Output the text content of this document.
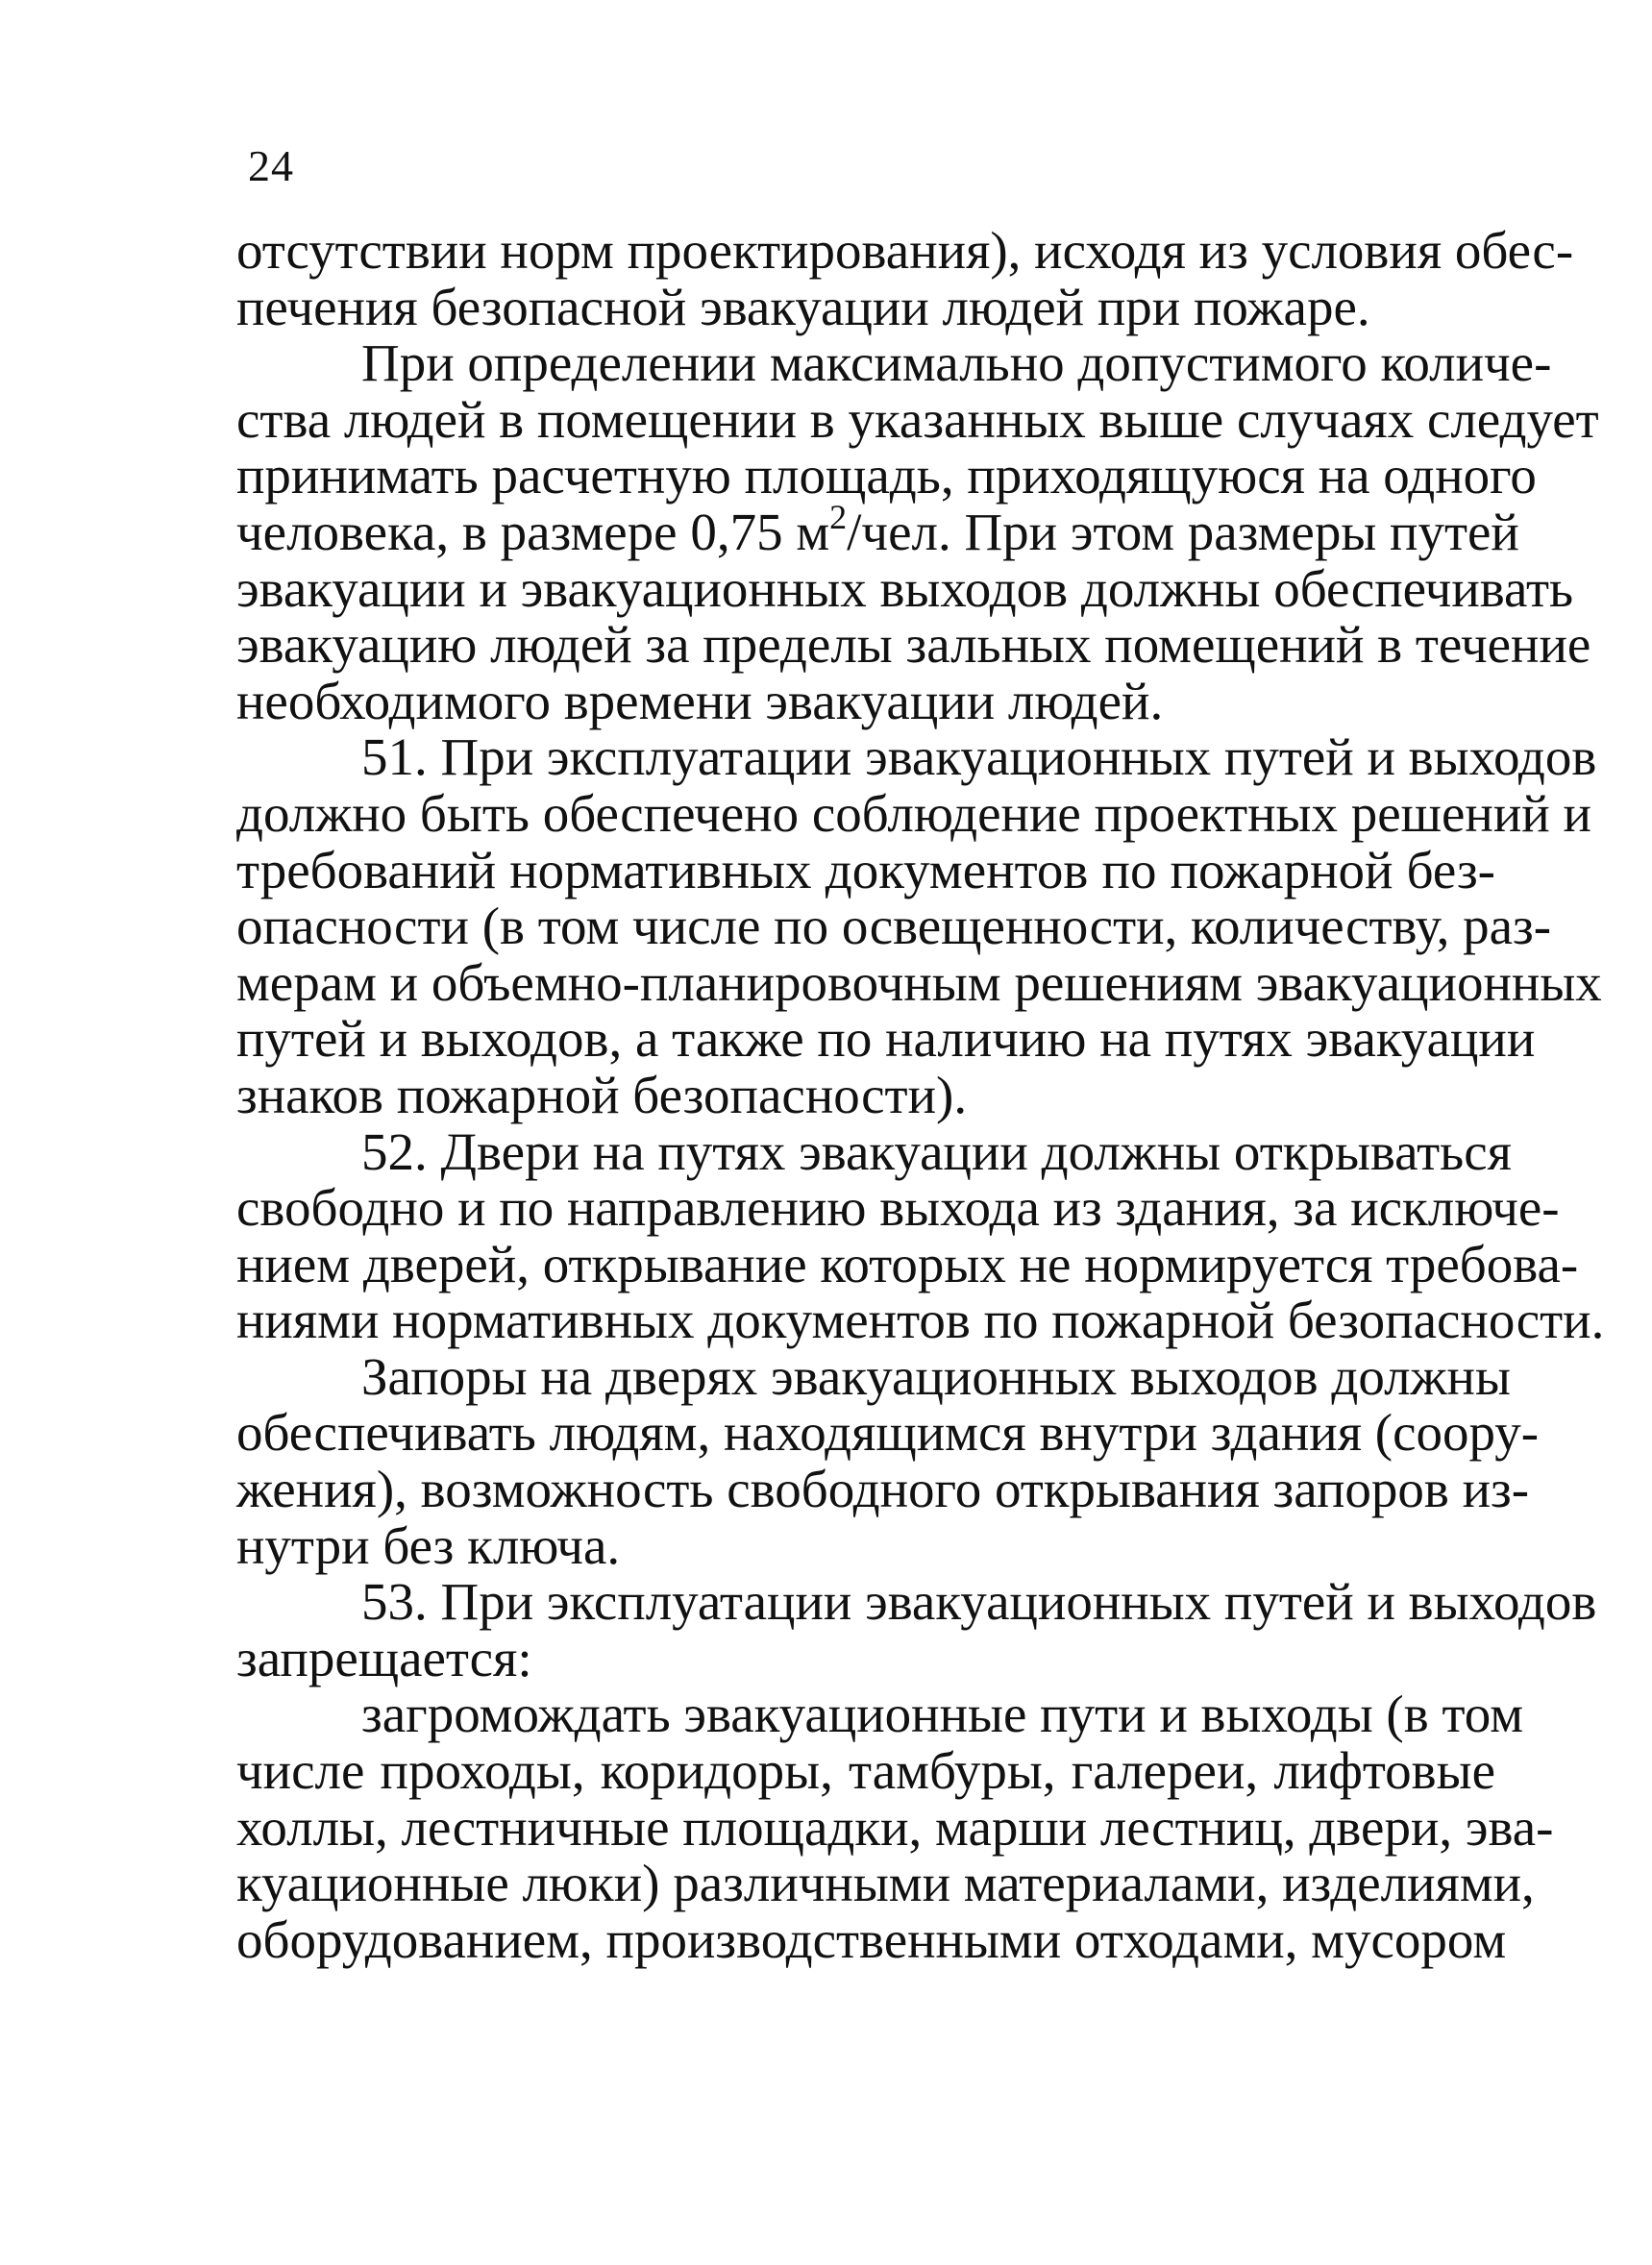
24
отсутствии норм проектирования), исходя из условия обес-
печения безопасной эвакуации людей при пожаре.
При определении максимально допустимого количе-
ства людей в помещении в указанных выше случаях следует
принимать расчетную площадь, приходящуюся на одного
человека, в размере 0,75 $м^2$/чел. При этом размеры путей
эвакуации и эвакуационных выходов должны обеспечивать
эвакуацию людей за пределы зальных помещений в течение
необходимого времени эвакуации людей.
51. При эксплуатации эвакуационных путей и выходов
должно быть обеспечено соблюдение проектных решений и
требований нормативных документов по пожарной без-
опасности (в том числе по освещенности, количеству, раз-
мерам и объемно-планировочным решениям эвакуационных
путей и выходов, а также по наличию на путях эвакуации
знаков пожарной безопасности).
52. Двери на путях эвакуации должны открываться
свободно и по направлению выхода из здания, за исключе-
нием дверей, открывание которых не нормируется требова-
ниями нормативных документов по пожарной безопасности.
Запоры на дверях эвакуационных выходов должны
обеспечивать людям, находящимся внутри здания (соору-
жения), возможность свободного открывания запоров из-
нутри без ключа.
53. При эксплуатации эвакуационных путей и выходов
запрещается:
загромождать эвакуационные пути и выходы (в том
числе проходы, коридоры, тамбуры, галереи, лифтовые
холлы, лестничные площадки, марши лестниц, двери, эва-
куационные люки) различными материалами, изделиями,
оборудованием, производственными отходами, мусором
